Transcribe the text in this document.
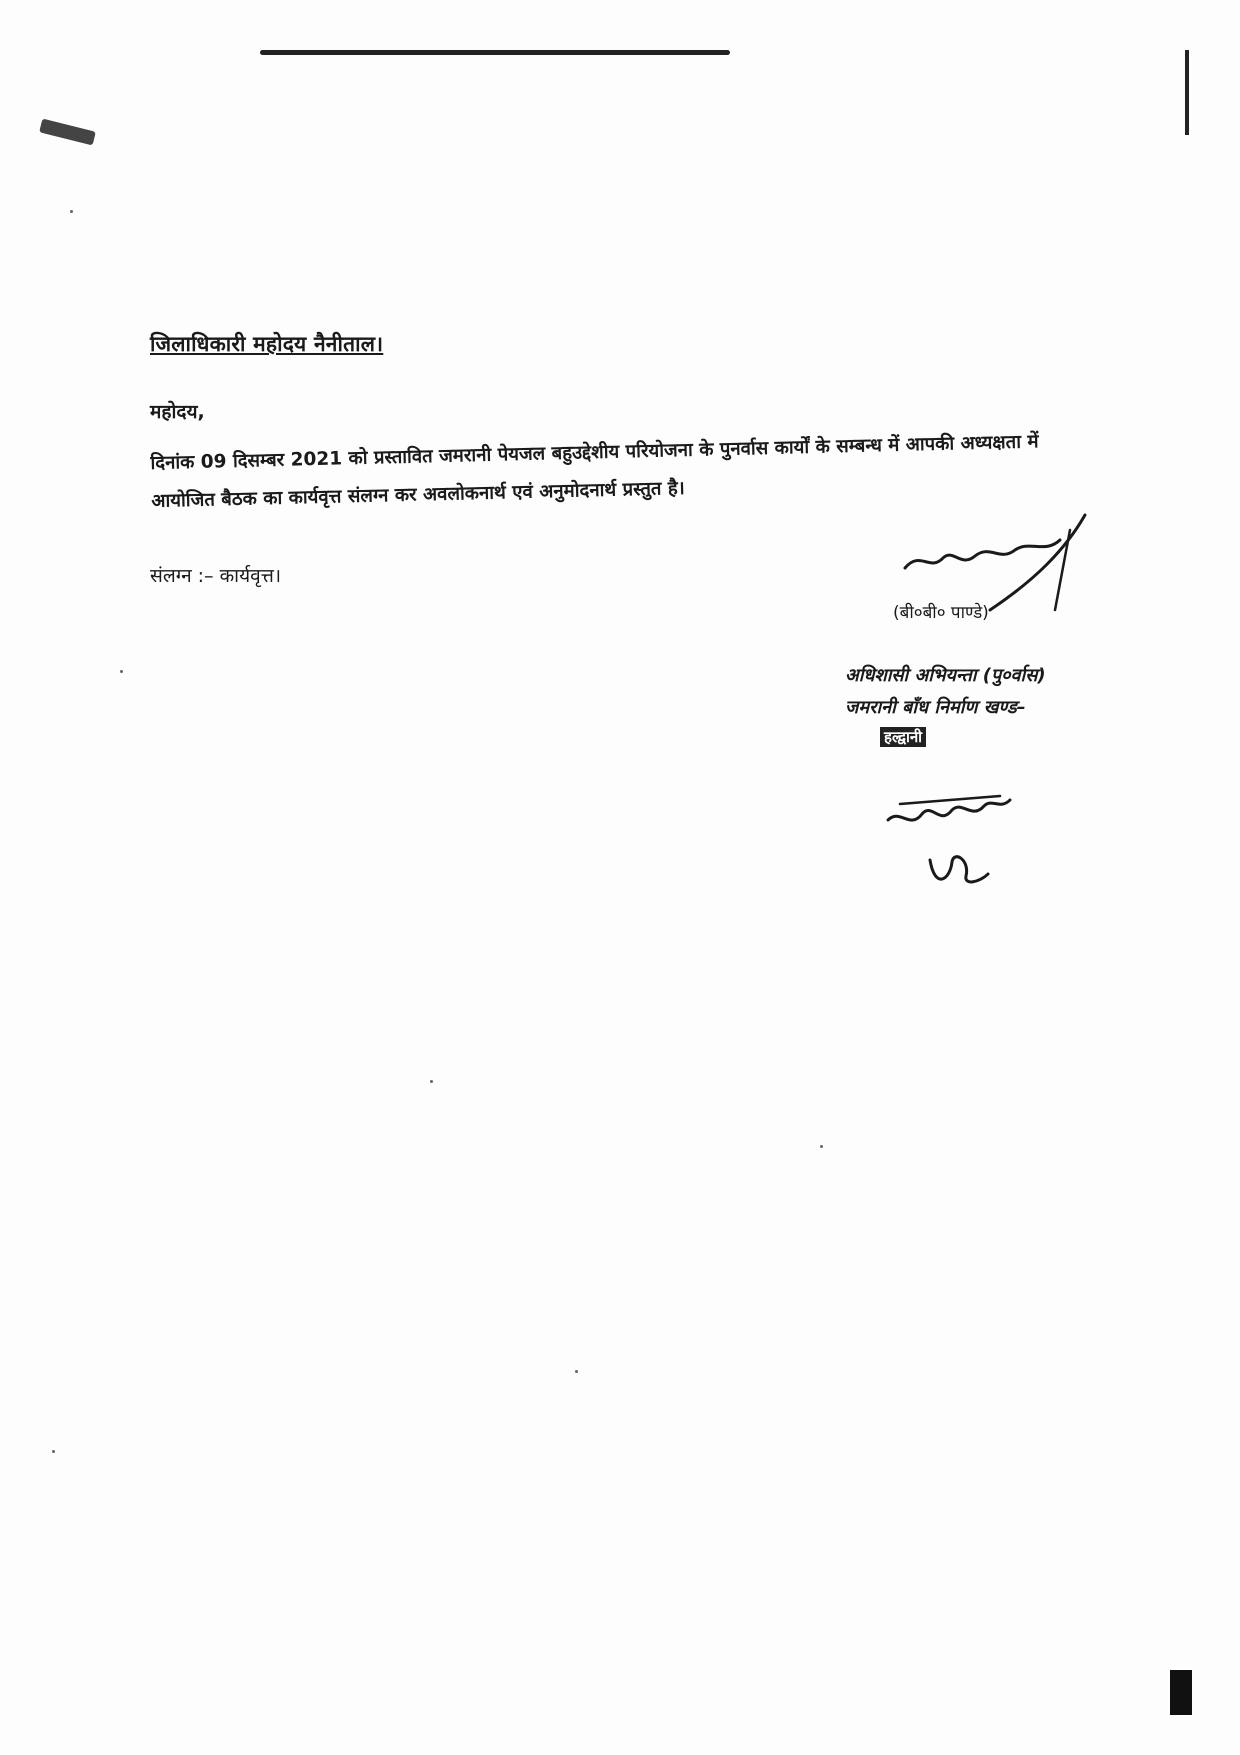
जिलाधिकारी महोदय नैनीताल।
महोदय,
दिनांक 09 दिसम्बर 2021 को प्रस्तावित जमरानी पेयजल बहुउद्देशीय परियोजना के पुनर्वास कार्यों के सम्बन्ध में आपकी अध्यक्षता में आयोजित बैठक का कार्यवृत्त संलग्न कर अवलोकनार्थ एवं अनुमोदनार्थ प्रस्तुत है।
संलग्न :– कार्यवृत्त।
(बी०बी० पाण्डे)
अधिशासी अभियन्ता (पु०र्वास)
जमरानी बाँध निर्माण खण्ड–
हल्द्वानी
